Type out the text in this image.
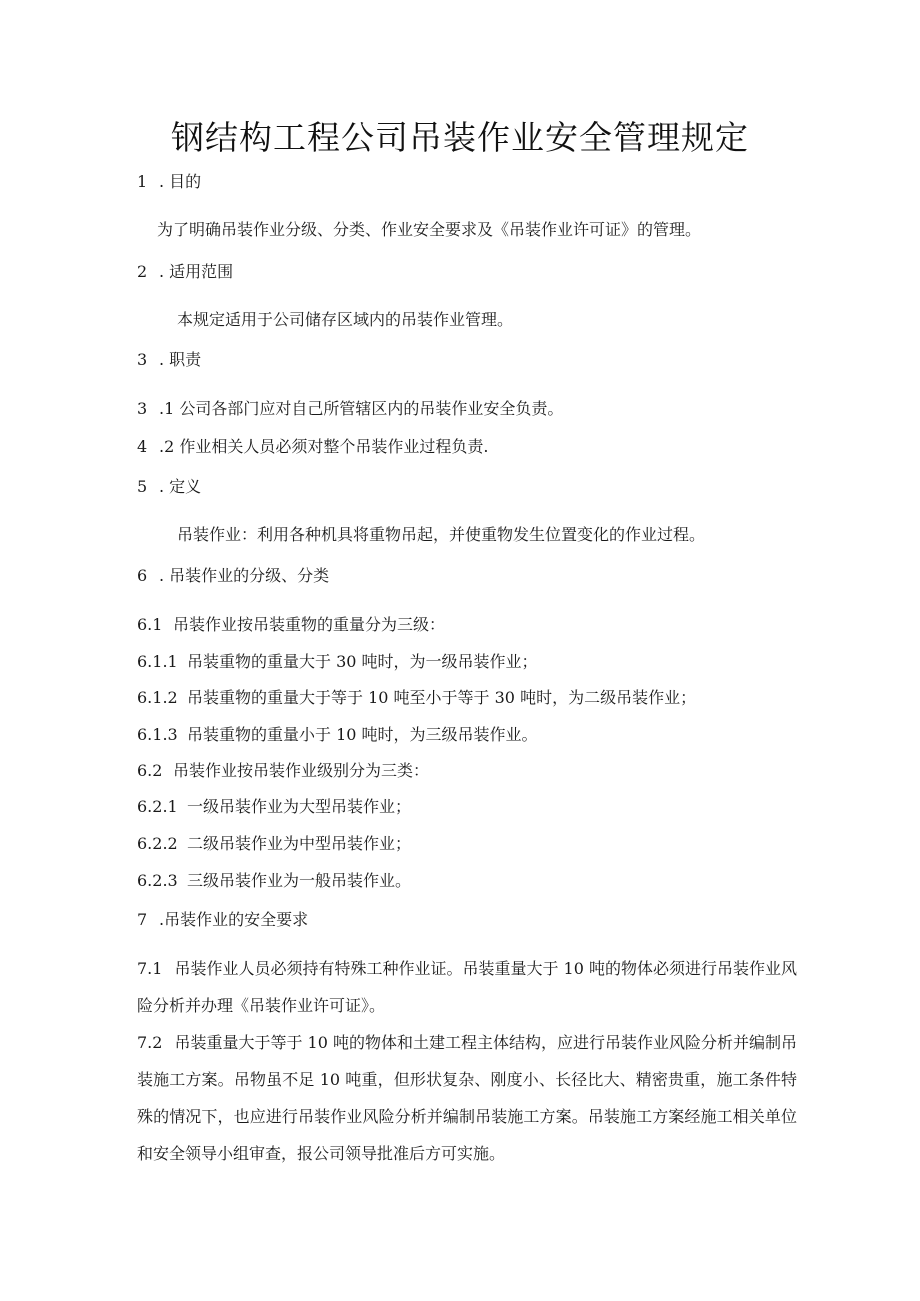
钢结构工程公司吊装作业安全管理规定

1 . 目的

为了明确吊装作业分级、分类、作业安全要求及《吊装作业许可证》的管理。

2 . 适用范围

本规定适用于公司储存区域内的吊装作业管理。

3 . 职责

3 .1 公司各部门应对自己所管辖区内的吊装作业安全负责。

4 .2 作业相关人员必须对整个吊装作业过程负责.

5 . 定义

吊装作业：利用各种机具将重物吊起，并使重物发生位置变化的作业过程。

6 . 吊装作业的分级、分类

6.1 吊装作业按吊装重物的重量分为三级：

6.1.1 吊装重物的重量大于 30 吨时，为一级吊装作业；

6.1.2 吊装重物的重量大于等于 10 吨至小于等于 30 吨时，为二级吊装作业；

6.1.3 吊装重物的重量小于 10 吨时，为三级吊装作业。

6.2 吊装作业按吊装作业级别分为三类：

6.2.1 一级吊装作业为大型吊装作业；

6.2.2 二级吊装作业为中型吊装作业；

6.2.3 三级吊装作业为一般吊装作业。

7 .吊装作业的安全要求

7.1 吊装作业人员必须持有特殊工种作业证。吊装重量大于 10 吨的物体必须进行吊装作业风险分析并办理《吊装作业许可证》。

7.2 吊装重量大于等于 10 吨的物体和土建工程主体结构，应进行吊装作业风险分析并编制吊装施工方案。吊物虽不足 10 吨重，但形状复杂、刚度小、长径比大、精密贵重，施工条件特殊的情况下，也应进行吊装作业风险分析并编制吊装施工方案。吊装施工方案经施工相关单位和安全领导小组审查，报公司领导批准后方可实施。
